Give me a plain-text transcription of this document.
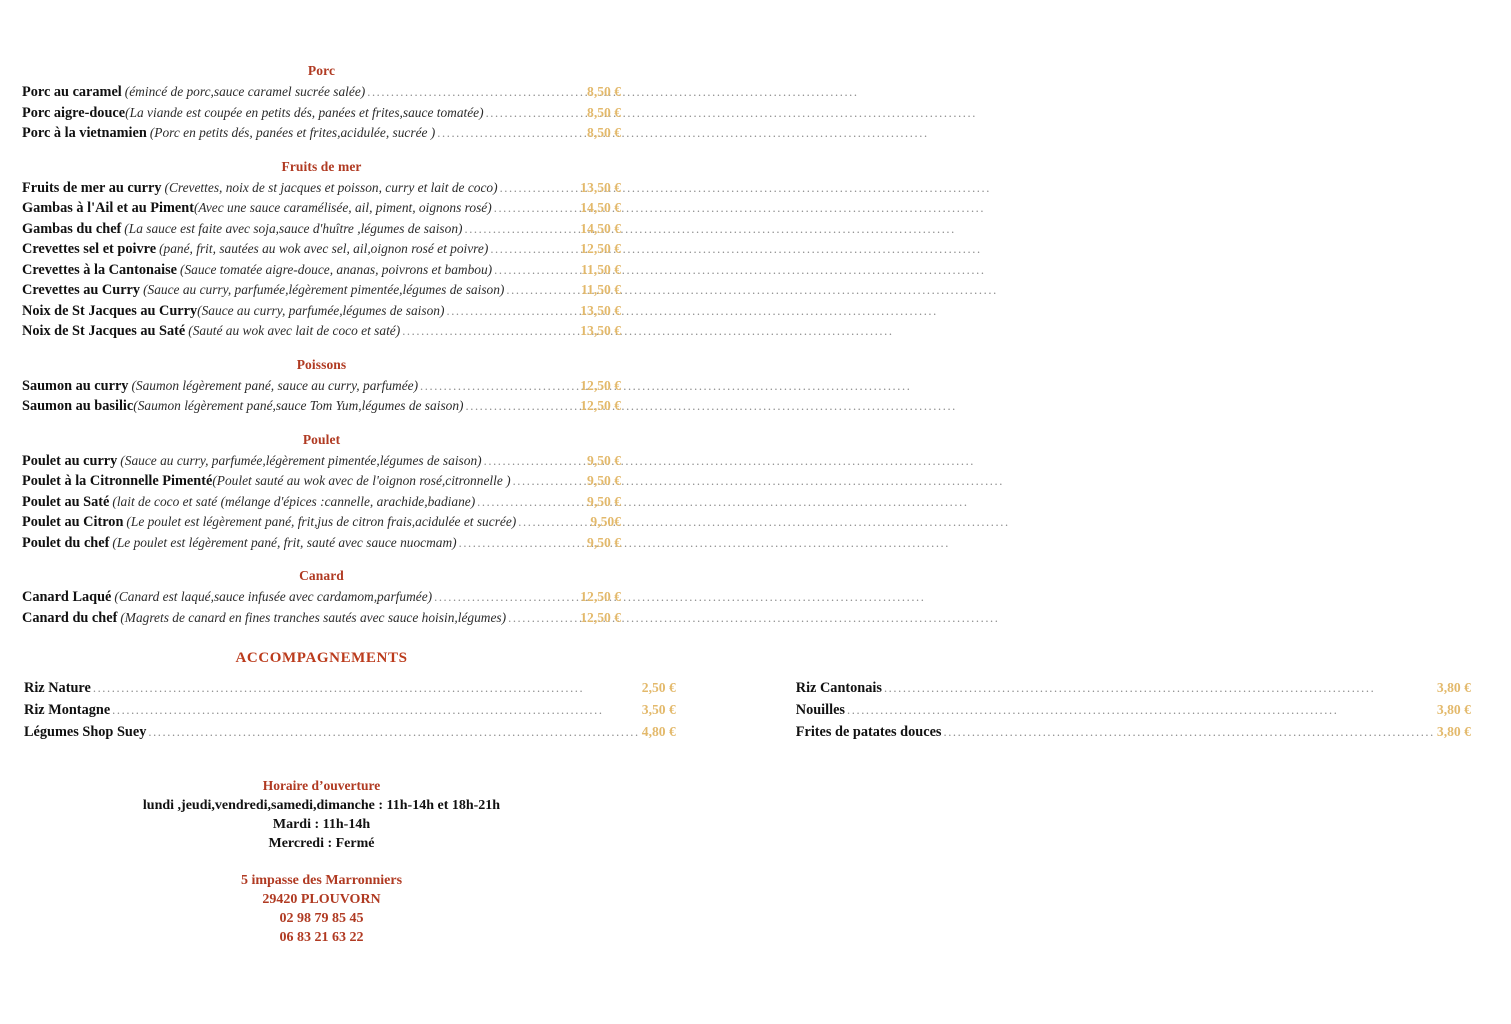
Porc
Porc au caramel (émincé de porc,sauce caramel sucrée salée) .....	8,50 €
Porc aigre-douce (La viande est coupée en petits dés, panées et frites,sauce tomatée) .....	8,50 €
Porc à la vietnamien (Porc en petits dés, panées et frites,acidulée, sucrée ) .....	8,50 €
Fruits de mer
Fruits de mer au curry (Crevettes, noix de st jacques et poisson, curry et lait de coco) .....	13,50 €
Gambas à l'Ail et au Piment (Avec une sauce caramélisée, ail, piment, oignons rosé) .....	14,50 €
Gambas du chef (La sauce est faite avec soja,sauce d'huître ,légumes de saison) .....	14,50 €
Crevettes sel et poivre (pané, frit, sautées au wok avec sel, ail,oignon rosé et poivre) .....	12,50 €
Crevettes à la Cantonaise (Sauce tomatée aigre-douce, ananas, poivrons et bambou) .....	11,50 €
Crevettes au Curry (Sauce au curry, parfumée,légèrement pimentée,légumes de saison) .....	11,50 €
Noix de St Jacques au Curry (Sauce au curry, parfumée,légumes de saison) .....	13,50 €
Noix de St Jacques au Saté (Sauté au wok avec lait de coco et saté) .....	13,50 €
Poissons
Saumon au curry (Saumon légèrement pané, sauce au curry, parfumée) .....	12,50 €
Saumon au basilic (Saumon légèrement pané,sauce Tom Yum,légumes de saison) .....	12,50 €
Poulet
Poulet au curry (Sauce au curry, parfumée,légèrement pimentée,légumes de saison) .....	9,50 €
Poulet à la Citronnelle Pimenté (Poulet sauté au wok avec de l'oignon rosé,citronnelle ) .....	9,50 €
Poulet au Saté (lait de coco et saté (mélange d'épices :cannelle, arachide,badiane) .....	9,50 €
Poulet au Citron (Le poulet est légèrement pané, frit,jus de citron frais,acidulée et sucrée) .....	9,50€
Poulet du chef (Le poulet est légèrement pané, frit, sauté avec sauce nuocmam) .....	9,50 €
Canard
Canard Laqué (Canard est laqué,sauce infusée avec cardamom,parfumée) .....	12,50 €
Canard du chef (Magrets de canard en fines tranches sautés avec sauce hoisin,légumes) .....	12,50 €
ACCOMPAGNEMENTS
Riz Nature .....	2,50 €
Riz Montagne .....	3,50 €
Légumes Shop Suey .....	4,80 €
Riz Cantonais .....	3,80 €
Nouilles .....	3,80 €
Frites de patates douces .....	3,80 €
Horaire d’ouverture
lundi ,jeudi,vendredi,samedi,dimanche : 11h-14h et 18h-21h
Mardi : 11h-14h
Mercredi : Fermé
5 impasse des Marronniers
29420 PLOUVORN
02 98 79 85 45
06 83 21 63 22
